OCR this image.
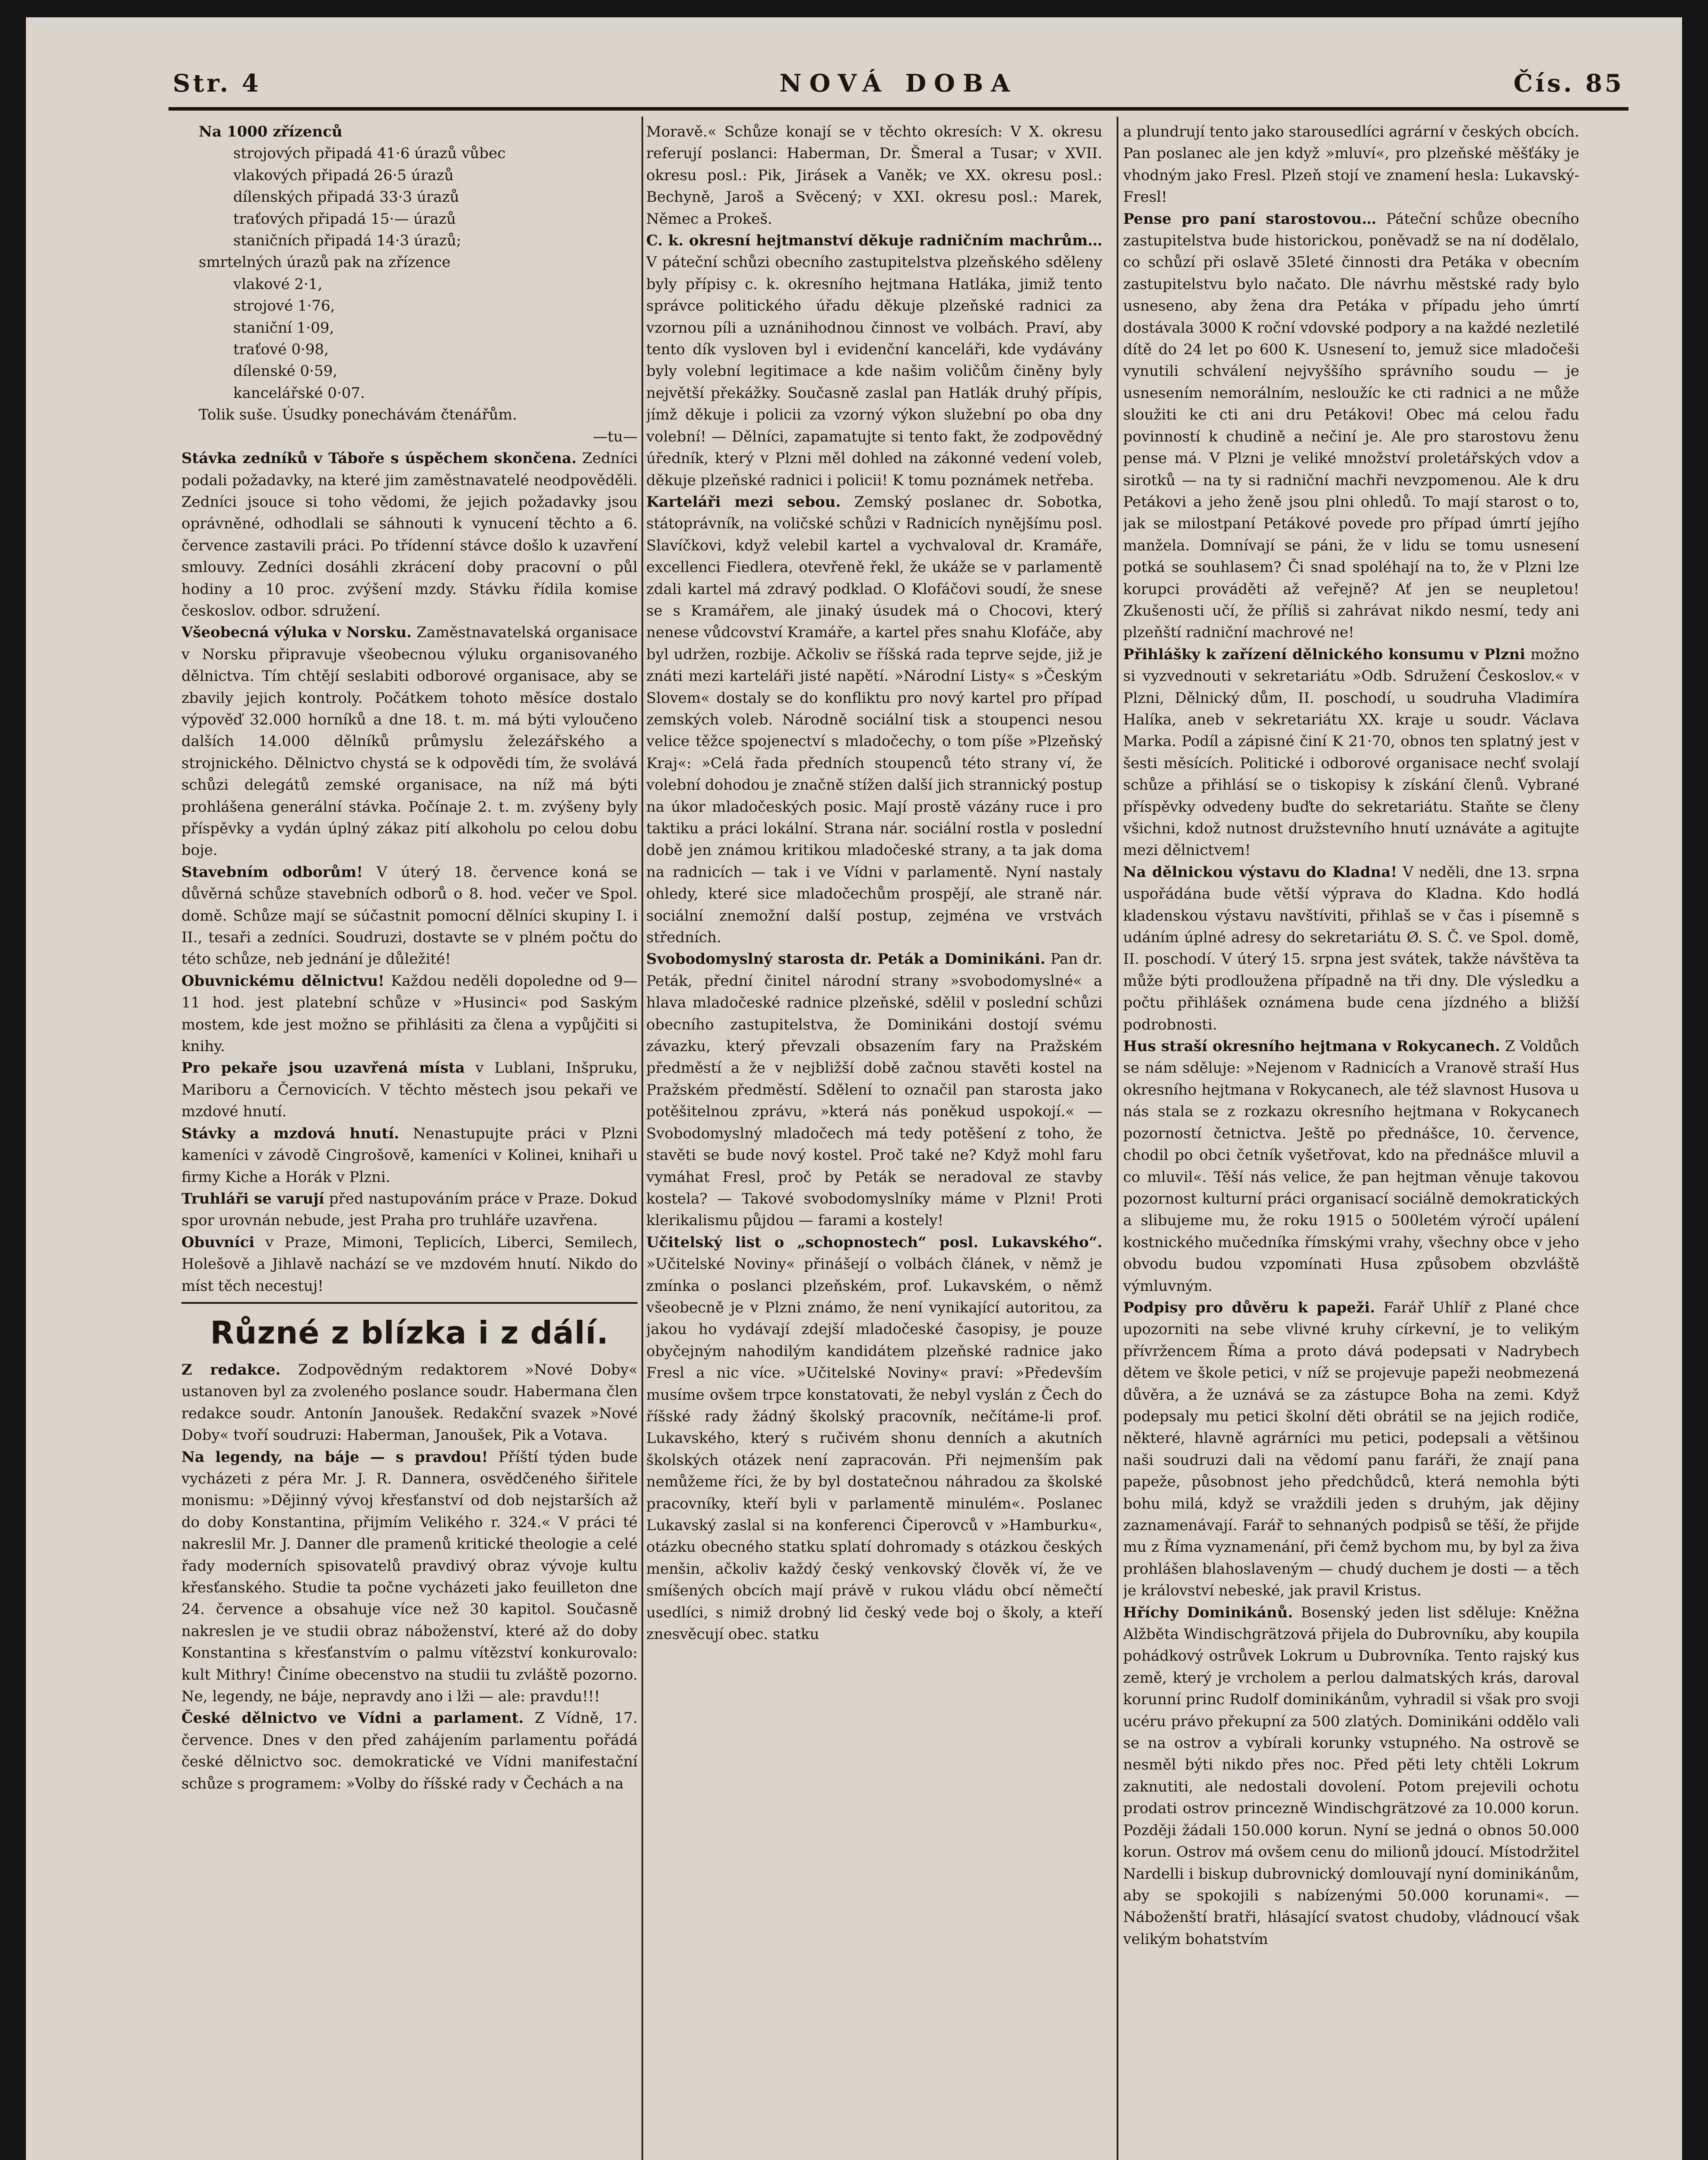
Str. 4	NOVÁ DOBA	Čís. 85

Na 1000 zřízenců

strojových připadá 41·6 úrazů vůbec

vlakových připadá 26·5 úrazů

dílenských připadá 33·3 úrazů

traťových připadá 15·— úrazů

staničních připadá 14·3 úrazů;

smrtelných úrazů pak na zřízence

vlakové 2·1,

strojové 1·76,

staniční 1·09,

traťové 0·98,

dílenské 0·59,

kancelářské 0·07.

Tolik suše. Úsudky ponechávám čtenářům.

—tu—

Stávka zedníků v Táboře s úspěchem skončena. Zedníci podali požadavky, na které jim zaměstnavatelé neodpověděli. Zedníci jsouce si toho vědomi, že jejich požadavky jsou oprávněné, odhodlali se sáhnouti k vynucení těchto a 6. července zastavili práci. Po třídenní stávce došlo k uzavření smlouvy. Zedníci dosáhli zkrácení doby pracovní o půl hodiny a 10 proc. zvýšení mzdy. Stávku řídila komise českoslov. odbor. sdružení.

Všeobecná výluka v Norsku. Zaměstnavatelská organisace v Norsku připravuje všeobecnou výluku organisovaného dělnictva. Tím chtějí seslabiti odborové organisace, aby se zbavily jejich kontroly. Počátkem tohoto měsíce dostalo výpověď 32.000 horníků a dne 18. t. m. má býti vyloučeno dalších 14.000 dělníků průmyslu železářského a strojnického. Dělnictvo chystá se k odpovědi tím, že svolává schůzi delegátů zemské organisace, na níž má býti prohlášena generální stávka. Počínaje 2. t. m. zvýšeny byly příspěvky a vydán úplný zákaz pití alkoholu po celou dobu boje.

Stavebním odborům! V úterý 18. července koná se důvěrná schůze stavebních odborů o 8. hod. večer ve Spol. domě. Schůze mají se súčastnit pomocní dělníci skupiny I. i II., tesaři a zedníci. Soudruzi, dostavte se v plném počtu do této schůze, neb jednání je důležité!

Obuvnickému dělnictvu! Každou neděli dopoledne od 9—11 hod. jest platební schůze v »Husinci« pod Saským mostem, kde jest možno se přihlásiti za člena a vypůjčiti si knihy.

Pro pekaře jsou uzavřená místa v Lublani, Inšpruku, Mariboru a Černovicích. V těchto městech jsou pekaři ve mzdové hnutí.

Stávky a mzdová hnutí. Nenastupujte práci v Plzni kameníci v závodě Cingrošově, kameníci v Kolinei, knihaři u firmy Kiche a Horák v Plzni.

Truhláři se varují před nastupováním práce v Praze. Dokud spor urovnán nebude, jest Praha pro truhláře uzavřena.

Obuvníci v Praze, Mimoni, Teplicích, Liberci, Semilech, Holešově a Jihlavě nachází se ve mzdovém hnutí. Nikdo do míst těch necestuj!

Různé z blízka i z dálí.

Z redakce. Zodpovědným redaktorem »Nové Doby« ustanoven byl za zvoleného poslance soudr. Habermana člen redakce soudr. Antonín Janoušek. Redakční svazek »Nové Doby« tvoří soudruzi: Haberman, Janoušek, Pik a Votava.

Na legendy, na báje — s pravdou! Příští týden bude vycházeti z péra Mr. J. R. Dannera, osvědčeného šiřitele monismu: »Dějinný vývoj křesťanství od dob nejstarších až do doby Konstantina, přijmím Velikého r. 324.« V práci té nakreslil Mr. J. Danner dle pramenů kritické theologie a celé řady moderních spisovatelů pravdivý obraz vývoje kultu křesťanského. Studie ta počne vycházeti jako feuilleton dne 24. července a obsahuje více než 30 kapitol. Současně nakreslen je ve studii obraz náboženství, které až do doby Konstantina s křesťanstvím o palmu vítězství konkurovalo: kult Mithry! Činíme obecenstvo na studii tu zvláště pozorno. Ne, legendy, ne báje, nepravdy ano i lži — ale: pravdu!!!

České dělnictvo ve Vídni a parlament. Z Vídně, 17. července. Dnes v den před zahájením parlamentu pořádá české dělnictvo soc. demokratické ve Vídni manifestační schůze s programem: »Volby do říšské rady v Čechách a na

Moravě.« Schůze konají se v těchto okresích: V X. okresu referují poslanci: Haberman, Dr. Šmeral a Tusar; v XVII. okresu posl.: Pik, Jirásek a Vaněk; ve XX. okresu posl.: Bechyně, Jaroš a Svěcený; v XXI. okresu posl.: Marek, Němec a Prokeš.

C. k. okresní hejtmanství děkuje radničním machrům… V páteční schůzi obecního zastupitelstva plzeňského sděleny byly přípisy c. k. okresního hejtmana Hatláka, jimiž tento správce politického úřadu děkuje plzeňské radnici za vzornou píli a uznánihodnou činnost ve volbách. Praví, aby tento dík vysloven byl i evidenční kanceláři, kde vydávány byly volební legitimace a kde našim voličům činěny byly největší překážky. Současně zaslal pan Hatlák druhý přípis, jímž děkuje i policii za vzorný výkon služební po oba dny volební! — Dělníci, zapamatujte si tento fakt, že zodpovědný úředník, který v Plzni měl dohled na zákonné vedení voleb, děkuje plzeňské radnici i policii! K tomu poznámek netřeba.

Karteláři mezi sebou. Zemský poslanec dr. Sobotka, státoprávník, na voličské schůzi v Radnicích nynějšímu posl. Slavíčkovi, když velebil kartel a vychvaloval dr. Kramáře, excellenci Fiedlera, otevřeně řekl, že ukáže se v parlamentě zdali kartel má zdravý podklad. O Klofáčovi soudí, že snese se s Kramářem, ale jinaký úsudek má o Chocovi, který nenese vůdcovství Kramáře, a kartel přes snahu Klofáče, aby byl udržen, rozbije. Ačkoliv se říšská rada teprve sejde, již je znáti mezi karteláři jisté napětí. »Národní Listy« s »Českým Slovem« dostaly se do konfliktu pro nový kartel pro případ zemských voleb. Národně sociální tisk a stoupenci nesou velice těžce spojenectví s mladočechy, o tom píše »Plzeňský Kraj«: »Celá řada předních stoupenců této strany ví, že volební dohodou je značně stížen další jich strannický postup na úkor mladočeských posic. Mají prostě vázány ruce i pro taktiku a práci lokální. Strana nár. sociální rostla v poslední době jen známou kritikou mladočeské strany, a ta jak doma na radnicích — tak i ve Vídni v parlamentě. Nyní nastaly ohledy, které sice mladočechům prospějí, ale straně nár. sociální znemožní další postup, zejména ve vrstvách středních.

Svobodomyslný starosta dr. Peták a Dominikáni. Pan dr. Peták, přední činitel národní strany »svobodomyslné« a hlava mladočeské radnice plzeňské, sdělil v poslední schůzi obecního zastupitelstva, že Dominikáni dostojí svému závazku, který převzali obsazením fary na Pražském předměstí a že v nejbližší době začnou stavěti kostel na Pražském předměstí. Sdělení to označil pan starosta jako potěšitelnou zprávu, »která nás poněkud uspokojí.« — Svobodomyslný mladočech má tedy potěšení z toho, že stavěti se bude nový kostel. Proč také ne? Když mohl faru vymáhat Fresl, proč by Peták se neradoval ze stavby kostela? — Takové svobodomyslníky máme v Plzni! Proti klerikalismu půjdou — farami a kostely!

Učitelský list o „schopnostech“ posl. Lukavského“. »Učitelské Noviny« přinášejí o volbách článek, v němž je zmínka o poslanci plzeňském, prof. Lukavském, o němž všeobecně je v Plzni známo, že není vynikající autoritou, za jakou ho vydávají zdejší mladočeské časopisy, je pouze obyčejným nahodilým kandidátem plzeňské radnice jako Fresl a nic více. »Učitelské Noviny« praví: »Především musíme ovšem trpce konstatovati, že nebyl vyslán z Čech do říšské rady žádný školský pracovník, nečítáme-li prof. Lukavského, který s ručivém shonu denních a akutních školských otázek není zapracován. Při nejmenším pak nemůžeme říci, že by byl dostatečnou náhradou za školské pracovníky, kteří byli v parlamentě minulém«. Poslanec Lukavský zaslal si na konferenci Čiperovců v »Hamburku«, otázku obecného statku splatí dohromady s otázkou českých menšin, ačkoliv každý český venkovský člověk ví, že ve smíšených obcích mají právě v rukou vládu obcí němečtí usedlíci, s nimiž drobný lid český vede boj o školy, a kteří znesvěcují obec. statku

a plundrují tento jako starousedlíci agrární v českých obcích. Pan poslanec ale jen když »mluví«, pro plzeňské měšťáky je vhodným jako Fresl. Plzeň stojí ve znamení hesla: Lukavský-Fresl!

Pense pro paní starostovou… Páteční schůze obecního zastupitelstva bude historickou, poněvadž se na ní dodělalo, co schůzí při oslavě 35leté činnosti dra Petáka v obecním zastupitelstvu bylo načato. Dle návrhu městské rady bylo usneseno, aby žena dra Petáka v případu jeho úmrtí dostávala 3000 K roční vdovské podpory a na každé nezletilé dítě do 24 let po 600 K. Usnesení to, jemuž sice mladočeši vynutili schválení nejvyššího správního soudu — je usnesením nemorálním, nesloužíc ke cti radnici a ne může sloužiti ke cti ani dru Petákovi! Obec má celou řadu povinností k chudině a nečiní je. Ale pro starostovu ženu pense má. V Plzni je veliké množství proletářských vdov a sirotků — na ty si radniční machři nevzpomenou. Ale k dru Petákovi a jeho ženě jsou plni ohledů. To mají starost o to, jak se milostpaní Petákové povede pro případ úmrtí jejího manžela. Domnívají se páni, že v lidu se tomu usnesení potká se souhlasem? Či snad spoléhají na to, že v Plzni lze korupci prováděti až veřejně? Ať jen se neupletou! Zkušenosti učí, že příliš si zahrávat nikdo nesmí, tedy ani plzeňští radniční machrové ne!

Přihlášky k zařízení dělnického konsumu v Plzni možno si vyzvednouti v sekretariátu »Odb. Sdružení Českoslov.« v Plzni, Dělnický dům, II. poschodí, u soudruha Vladimíra Halíka, aneb v sekretariátu XX. kraje u soudr. Václava Marka. Podíl a zápisné činí K 21·70, obnos ten splatný jest v šesti měsících. Politické i odborové organisace nechť svolají schůze a přihlásí se o tiskopisy k získání členů. Vybrané příspěvky odvedeny buďte do sekretariátu. Staňte se členy všichni, kdož nutnost družstevního hnutí uznáváte a agitujte mezi dělnictvem!

Na dělnickou výstavu do Kladna! V neděli, dne 13. srpna uspořádána bude větší výprava do Kladna. Kdo hodlá kladenskou výstavu navštíviti, přihlaš se v čas i písemně s udáním úplné adresy do sekretariátu Ø. S. Č. ve Spol. domě, II. poschodí. V úterý 15. srpna jest svátek, takže návštěva ta může býti prodloužena případně na tři dny. Dle výsledku a počtu přihlášek oznámena bude cena jízdného a bližší podrobnosti.

Hus straší okresního hejtmana v Rokycanech. Z Voldůch se nám sděluje: »Nejenom v Radnicích a Vranově straší Hus okresního hejtmana v Rokycanech, ale též slavnost Husova u nás stala se z rozkazu okresního hejtmana v Rokycanech pozorností četnictva. Ještě po přednášce, 10. července, chodil po obci četník vyšetřovat, kdo na přednášce mluvil a co mluvil«. Těší nás velice, že pan hejtman věnuje takovou pozornost kulturní práci organisací sociálně demokratických a slibujeme mu, že roku 1915 o 500letém výročí upálení kostnického mučedníka římskými vrahy, všechny obce v jeho obvodu budou vzpomínati Husa způsobem obzvláště výmluvným.

Podpisy pro důvěru k papeži. Farář Uhlíř z Plané chce upozorniti na sebe vlivné kruhy církevní, je to velikým přívržencem Říma a proto dává podepsati v Nadrybech dětem ve škole petici, v níž se projevuje papeži neobmezená důvěra, a že uznává se za zástupce Boha na zemi. Když podepsaly mu petici školní děti obrátil se na jejich rodiče, některé, hlavně agrárníci mu petici, podepsali a většinou naši soudruzi dali na vědomí panu faráři, že znají pana papeže, působnost jeho předchůdců, která nemohla býti bohu milá, když se vraždili jeden s druhým, jak dějiny zaznamenávají. Farář to sehnaných podpisů se těší, že přijde mu z Říma vyznamenání, při čemž bychom mu, by byl za živa prohlášen blahoslaveným — chudý duchem je dosti — a těch je království nebeské, jak pravil Kristus.

Hříchy Dominikánů. Bosenský jeden list sděluje: Kněžna Alžběta Windischgrätzová přijela do Dubrovníku, aby koupila pohádkový ostrůvek Lokrum u Dubrovníka. Tento rajský kus země, který je vrcholem a perlou dalmatských krás, daroval korunní princ Rudolf dominikánům, vyhradil si však pro svoji ucéru právo překupní za 500 zlatých. Dominikáni oddělo vali se na ostrov a vybírali korunky vstupného. Na ostrově se nesměl býti nikdo přes noc. Před pěti lety chtěli Lokrum zaknutiti, ale nedostali dovolení. Potom prejevili ochotu prodati ostrov princezně Windischgrätzové za 10.000 korun. Později žádali 150.000 korun. Nyní se jedná o obnos 50.000 korun. Ostrov má ovšem cenu do milionů jdoucí. Místodržitel Nardelli i biskup dubrovnický domlouvají nyní dominikánům, aby se spokojili s nabízenými 50.000 korunami«. — Náboženští bratři, hlásající svatost chudoby, vládnoucí však velikým bohatstvím
